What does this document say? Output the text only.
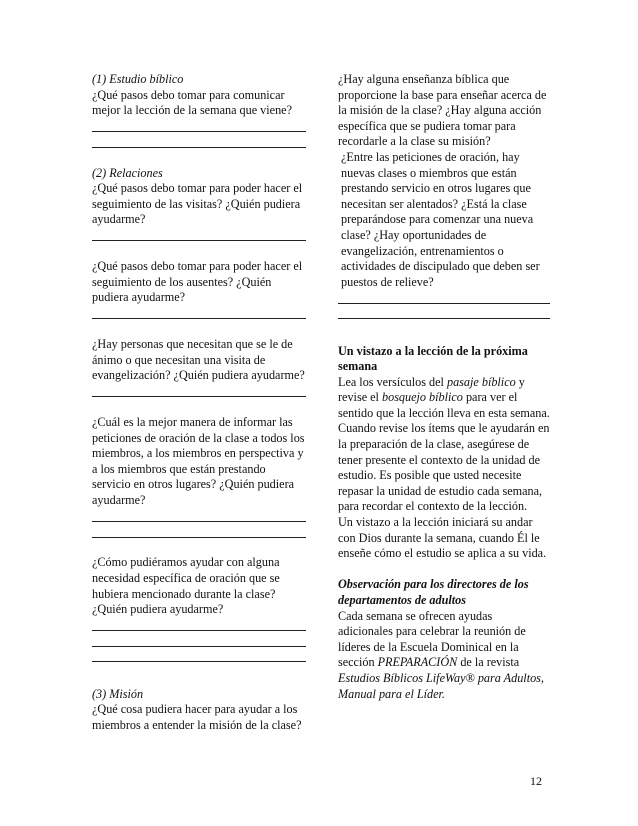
(1) Estudio bíblico

¿Qué pasos debo tomar para comunicar mejor la lección de la semana que viene?

(2) Relaciones

¿Qué pasos debo tomar para poder hacer el seguimiento de las visitas? ¿Quién pudiera ayudarme?

¿Qué pasos debo tomar para poder hacer el seguimiento de los ausentes? ¿Quién pudiera ayudarme?

¿Hay personas que necesitan que se le de ánimo o que necesitan una visita de evangelización? ¿Quién pudiera ayudarme?

¿Cuál es la mejor manera de informar las peticiones de oración de la clase a todos los miembros, a los miembros en perspectiva y a los miembros que están prestando servicio en otros lugares? ¿Quién pudiera ayudarme?

¿Cómo pudiéramos ayudar con alguna necesidad específica de oración que se hubiera mencionado durante la clase? ¿Quién pudiera ayudarme?

(3) Misión

¿Qué cosa pudiera hacer para ayudar a los miembros a entender la misión de la clase?

¿Hay alguna enseñanza bíblica que proporcione la base para enseñar acerca de la misión de la clase? ¿Hay alguna acción específica que se pudiera tomar para recordarle a la clase su misión?

¿Entre las peticiones de oración, hay nuevas clases o miembros que están prestando servicio en otros lugares que necesitan ser alentados? ¿Está la clase preparándose para comenzar una nueva clase? ¿Hay oportunidades de evangelización, entrenamientos o actividades de discipulado que deben ser puestos de relieve?

Un vistazo a la lección de la próxima semana

Lea los versículos del pasaje bíblico y revise el bosquejo bíblico para ver el sentido que la lección lleva en esta semana. Cuando revise los ítems que le ayudarán en la preparación de la clase, asegúrese de tener presente el contexto de la unidad de estudio. Es posible que usted necesite repasar la unidad de estudio cada semana, para recordar el contexto de la lección.

Un vistazo a la lección iniciará su andar con Dios durante la semana, cuando Él le enseñe cómo el estudio se aplica a su vida.

Observación para los directores de los departamentos de adultos

Cada semana se ofrecen ayudas adicionales para celebrar la reunión de líderes de la Escuela Dominical en la sección PREPARACIÓN de la revista Estudios Bíblicos LifeWay® para Adultos, Manual para el Líder.

12
